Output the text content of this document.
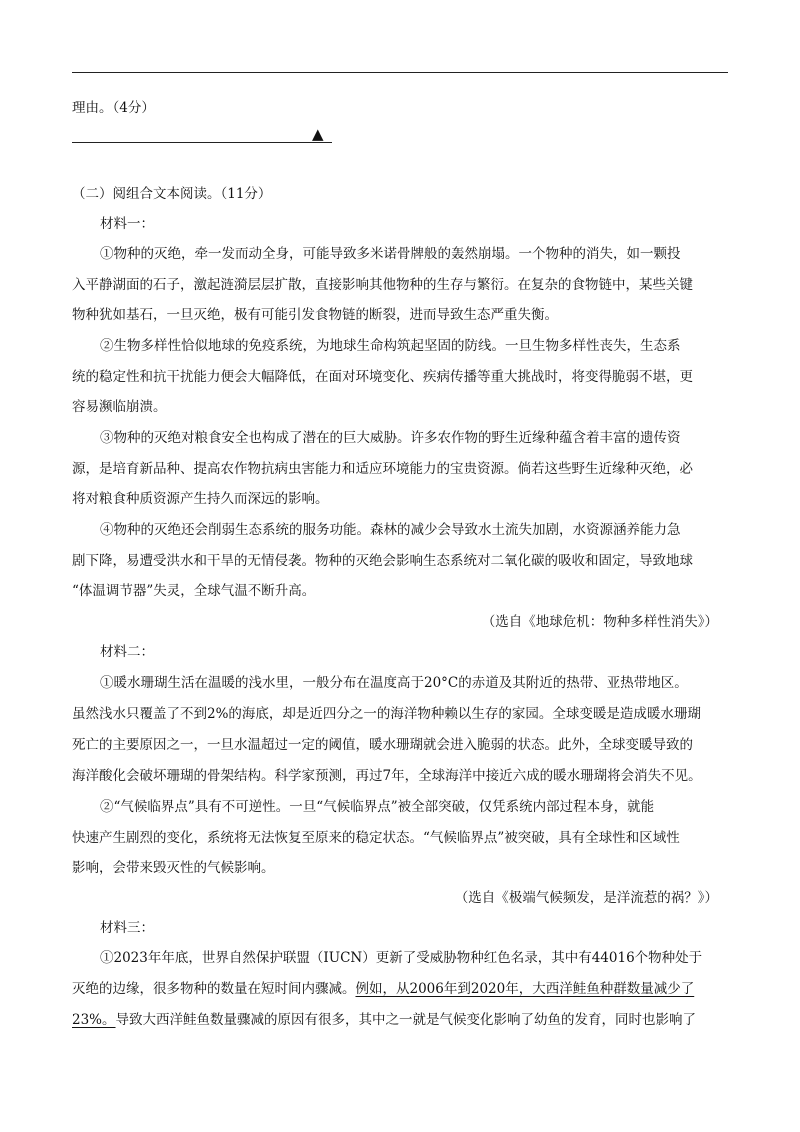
理由。（4分）
▲
（二）阅组合文本阅读。（11分）
材料一：
①物种的灭绝，牵一发而动全身，可能导致多米诺骨牌般的轰然崩塌。一个物种的消失，如一颗投
入平静湖面的石子，激起涟漪层层扩散，直接影响其他物种的生存与繁衍。在复杂的食物链中，某些关键
物种犹如基石，一旦灭绝，极有可能引发食物链的断裂，进而导致生态严重失衡。
②生物多样性恰似地球的免疫系统，为地球生命构筑起坚固的防线。一旦生物多样性丧失，生态系
统的稳定性和抗干扰能力便会大幅降低，在面对环境变化、疾病传播等重大挑战时，将变得脆弱不堪，更
容易濒临崩溃。
③物种的灭绝对粮食安全也构成了潜在的巨大威胁。许多农作物的野生近缘种蕴含着丰富的遗传资
源，是培育新品种、提高农作物抗病虫害能力和适应环境能力的宝贵资源。倘若这些野生近缘种灭绝，必
将对粮食种质资源产生持久而深远的影响。
④物种的灭绝还会削弱生态系统的服务功能。森林的减少会导致水土流失加剧，水资源涵养能力急
剧下降，易遭受洪水和干旱的无情侵袭。物种的灭绝会影响生态系统对二氧化碳的吸收和固定，导致地球
“体温调节器”失灵，全球气温不断升高。
（选自《地球危机：物种多样性消失》）
材料二：
①暖水珊瑚生活在温暖的浅水里，一般分布在温度高于20°C的赤道及其附近的热带、亚热带地区。
虽然浅水只覆盖了不到2%的海底，却是近四分之一的海洋物种赖以生存的家园。全球变暖是造成暖水珊瑚
死亡的主要原因之一，一旦水温超过一定的阈值，暖水珊瑚就会进入脆弱的状态。此外，全球变暖导致的
海洋酸化会破坏珊瑚的骨架结构。科学家预测，再过7年，全球海洋中接近六成的暖水珊瑚将会消失不见。
②“气候临界点”具有不可逆性。一旦“气候临界点”被全部突破，仅凭系统内部过程本身，就能
快速产生剧烈的变化，系统将无法恢复至原来的稳定状态。“气候临界点”被突破，具有全球性和区域性
影响，会带来毁灭性的气候影响。
（选自《极端气候频发，是洋流惹的祸？》）
材料三：
①2023年年底，世界自然保护联盟（IUCN）更新了受威胁物种红色名录，其中有44016个物种处于
灭绝的边缘，很多物种的数量在短时间内骤减。例如，从2006年到2020年，大西洋鲑鱼种群数量减少了
23%。导致大西洋鲑鱼数量骤减的原因有很多，其中之一就是气候变化影响了幼鱼的发育，同时也影响了
